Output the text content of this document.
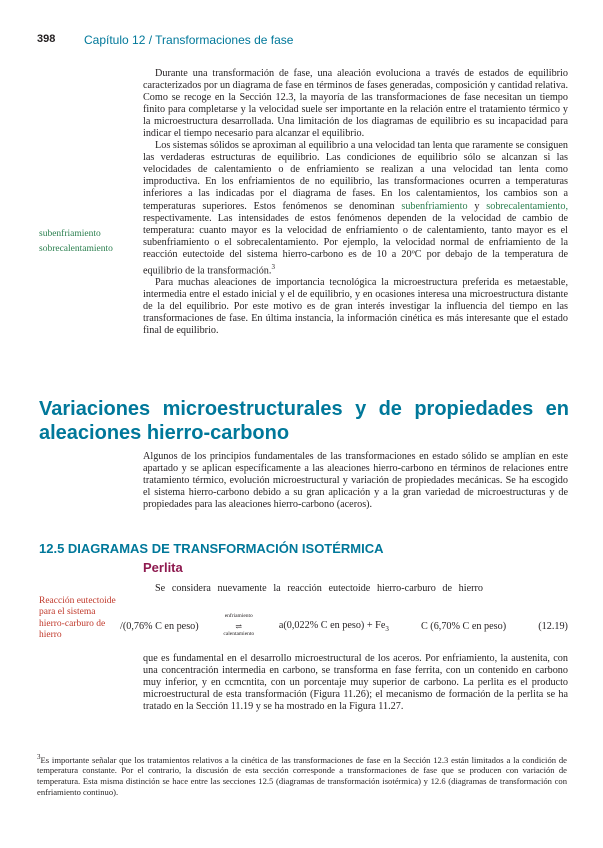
398 Capítulo 12 / Transformaciones de fase

Durante una transformación de fase, una aleación evoluciona a través de estados de equilibrio caracterizados por un diagrama de fase en términos de fases generadas, composición y cantidad relativa. Como se recoge en la Sección 12.3, la mayoría de las transformaciones de fase necesitan un tiempo finito para completarse y la velocidad suele ser importante en la relación entre el tratamiento térmico y la microestructura desarrollada. Una limitación de los diagramas de equilibrio es su incapacidad para indicar el tiempo necesario para alcanzar el equilibrio.

Los sistemas sólidos se aproximan al equilibrio a una velocidad tan lenta que raramente se consiguen las verdaderas estructuras de equilibrio. Las condiciones de equilibrio sólo se alcanzan si las velocidades de calentamiento o de enfriamiento se realizan a una velocidad tan lenta como improductiva. En los enfriamientos de no equilibrio, las transformaciones ocurren a temperaturas inferiores a las indicadas por el diagrama de fases. En los calentamientos, los cambios son a temperaturas superiores. Estos fenómenos se denominan subenfriamiento y sobrecalentamiento, respectivamente. Las intensidades de estos fenómenos dependen de la velocidad de cambio de temperatura: cuanto mayor es la velocidad de enfriamiento o de calentamiento, tanto mayor es el subenfriamiento o el sobrecalentamiento. Por ejemplo, la velocidad normal de enfriamiento de la reacción eutectoide del sistema hierro-carbono es de 10 a 20ºC por debajo de la temperatura de equilibrio de la transformación.$^3$

Para muchas aleaciones de importancia tecnológica la microestructura preferida es metaestable, intermedia entre el estado inicial y el de equilibrio, y en ocasiones interesa una microestructura distante de la del equilibrio. Por este motivo es de gran interés investigar la influencia del tiempo en las transformaciones de fase. En última instancia, la información cinética es más interesante que el estado final de equilibrio.

subenfriamiento
sobrecalentamiento
Variaciones microestructurales y de propiedades en aleaciones hierro-carbono

Algunos de los principios fundamentales de las transformaciones en estado sólido se amplían en este apartado y se aplican específicamente a las aleaciones hierro-carbono en términos de relaciones entre tratamiento térmico, evolución microestructural y variación de propiedades mecánicas. Se ha escogido el sistema hierro-carbono debido a su gran aplicación y a la gran variedad de microestructuras y de propiedades para las aleaciones hierro-carbono (aceros).

12.5 DIAGRAMAS DE TRANSFORMACIÓN ISOTÉRMICA
Perlita
Se considera nuevamente la reacción eutectoide hierro-carburo de hierro
Reacción eutectoide para el sistema hierro-carburo de hierro
/(0,76% C en peso)
enfriamiento
⇌
calentamiento
a(0,022% C en peso) + $Fe_3$	C (6,70% C en peso)	(12.19)

que es fundamental en el desarrollo microestructural de los aceros. Por enfriamiento, la austenita, con una concentración intermedia en carbono, se transforma en fase ferrita, con un contenido en carbono muy inferior, y en ccmcntita, con un porcentaje muy superior de carbono. La perlita es el producto microestructural de esta transformación (Figura 11.26); el mecanismo de formación de la perlita se ha tratado en la Sección 11.19 y se ha mostrado en la Figura 11.27.

$^3$Es importante señalar que los tratamientos relativos a la cinética de las transformaciones de fase en la Sección 12.3 están limitados a la condición de temperatura constante. Por el contrario, la discusión de esta sección corresponde a transformaciones de fase que se producen con variación de temperatura. Esta misma distinción se hace entre las secciones 12.5 (diagramas de transformación isotérmica) y 12.6 (diagramas de transformación con enfriamiento continuo).
